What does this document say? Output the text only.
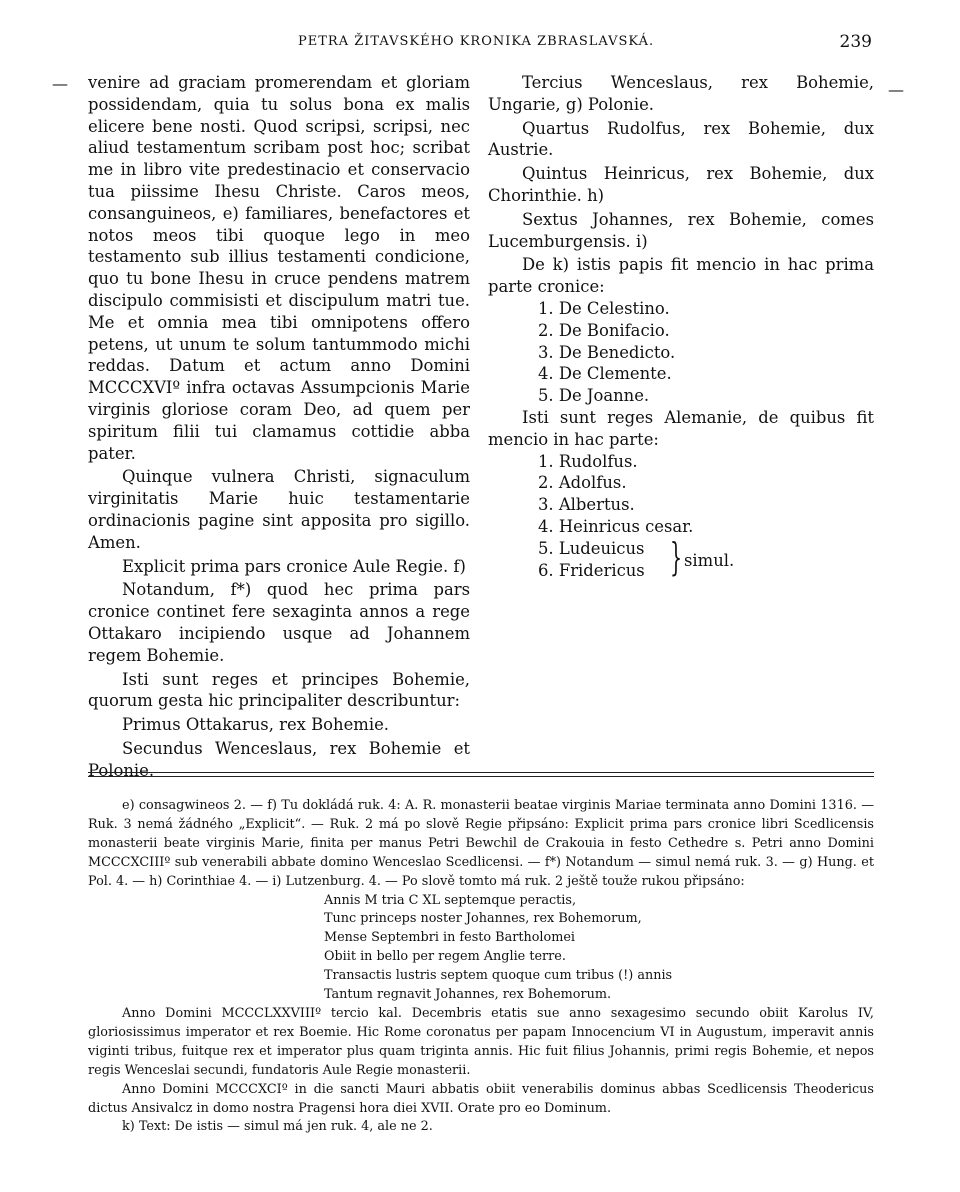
PETRA ŽITAVSKÉHO KRONIKA ZBRASLAVSKÁ.	239
—	—

venire ad graciam promerendam et gloriam possidendam, quia tu solus bona ex malis elicere bene nosti. Quod scripsi, scripsi, nec aliud testamentum scribam post hoc; scribat me in libro vite predestinacio et conservacio tua piissime Ihesu Christe. Caros meos, consanguineos, e) familiares, benefactores et notos meos tibi quoque lego in meo testamento sub illius testamenti condicione, quo tu bone Ihesu in cruce pendens matrem discipulo commisisti et discipulum matri tue. Me et omnia mea tibi omnipotens offero petens, ut unum te solum tantummodo michi reddas. Datum et actum anno Domini MCCCXVIº infra octavas Assumpcionis Marie virginis gloriose coram Deo, ad quem per spiritum filii tui clamamus cottidie abba pater.

Quinque vulnera Christi, signaculum virginitatis Marie huic testamentarie ordinacionis pagine sint apposita pro sigillo. Amen.

Explicit prima pars cronice Aule Regie. f)

Notandum, f*) quod hec prima pars cronice continet fere sexaginta annos a rege Ottakaro incipiendo usque ad Johannem regem Bohemie.

Isti sunt reges et principes Bohemie, quorum gesta hic principaliter describuntur:

Primus Ottakarus, rex Bohemie.

Secundus Wenceslaus, rex Bohemie et Polonie.

Tercius Wenceslaus, rex Bohemie, Ungarie, g) Polonie.

Quartus Rudolfus, rex Bohemie, dux Austrie.

Quintus Heinricus, rex Bohemie, dux Chorinthie. h)

Sextus Johannes, rex Bohemie, comes Lucemburgensis. i)

De k) istis papis fit mencio in hac prima parte cronice:

1. De Celestino.
2. De Bonifacio.
3. De Benedicto.
4. De Clemente.
5. De Joanne.

Isti sunt reges Alemanie, de quibus fit mencio in hac parte:

1. Rudolfus.
2. Adolfus.
3. Albertus.
4. Heinricus cesar.
5. Ludeuicus
6. Fridericus } simul.

e) consagwineos 2. — f) Tu dokládá ruk. 4: A. R. monasterii beatae virginis Mariae terminata anno Domini 1316. — Ruk. 3 nemá žádného „Explicit“. — Ruk. 2 má po slově Regie připsáno: Explicit prima pars cronice libri Scedlicensis monasterii beate virginis Marie, finita per manus Petri Bewchil de Crakouia in festo Cethedre s. Petri anno Domini MCCCXCIIIº sub venerabili abbate domino Wenceslao Scedlicensi. — f*) Notandum — simul nemá ruk. 3. — g) Hung. et Pol. 4. — h) Corinthiae 4. — i) Lutzenburg. 4. — Po slově tomto má ruk. 2 ještě touže rukou připsáno:

Annis M tria C XL septemque peractis,
Tunc princeps noster Johannes, rex Bohemorum,
Mense Septembri in festo Bartholomei
Obiit in bello per regem Anglie terre.
Transactis lustris septem quoque cum tribus (!) annis
Tantum regnavit Johannes, rex Bohemorum.

Anno Domini MCCCLXXVIIIº tercio kal. Decembris etatis sue anno sexagesimo secundo obiit Karolus IV, gloriosissimus imperator et rex Boemie. Hic Rome coronatus per papam Innocencium VI in Augustum, imperavit annis viginti tribus, fuitque rex et imperator plus quam triginta annis. Hic fuit filius Johannis, primi regis Bohemie, et nepos regis Wenceslai secundi, fundatoris Aule Regie monasterii.

Anno Domini MCCCXCIº in die sancti Mauri abbatis obiit venerabilis dominus abbas Scedlicensis Theodericus dictus Ansivalcz in domo nostra Pragensi hora diei XVII. Orate pro eo Dominum.

k) Text: De istis — simul má jen ruk. 4, ale ne 2.
